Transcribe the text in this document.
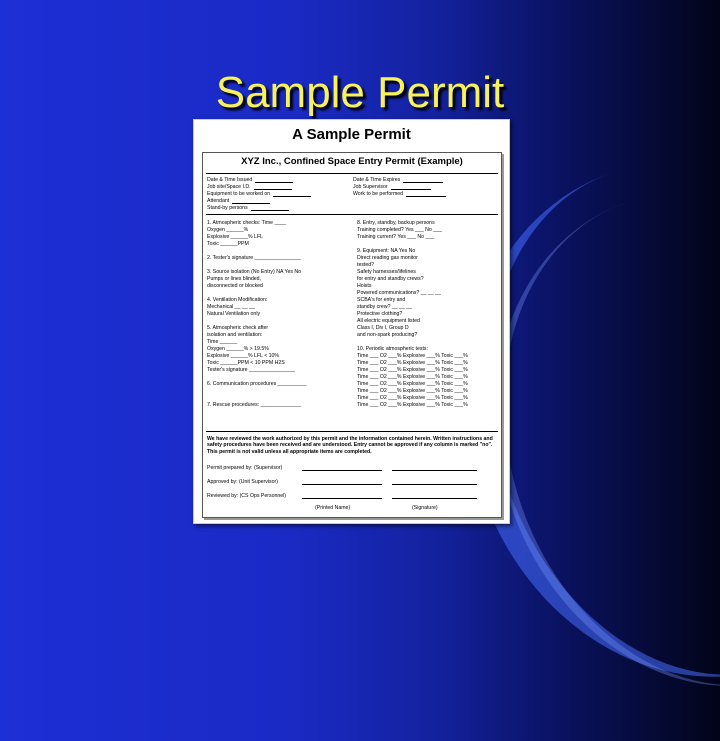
Sample Permit
A Sample Permit
XYZ Inc., Confined Space Entry Permit (Example)
Date & Time Issued
Job site/Space I.D.
Equipment to be worked on
Attendant
Stand-by persons
Date & Time Expires
Job Supervisor
Work to be performed
1. Atmospheric checks: Time ____
Oxygen ______%
Explosive ______% LFL
Toxic ______PPM
2. Tester's signature ________________
3. Source isolation (No Entry) NA Yes No
Pumps or lines blinded,
disconnected or blocked
4. Ventilation Modification:
Mechanical __ __ __
Natural Ventilation only
5. Atmospheric check after
isolation and ventilation:
Time ______
Oxygen ______% > 19.5%
Explosive ______% LFL < 10%
Toxic ______PPM < 10 PPM H2S
Tester's signature ________________
6. Communication procedures __________
7. Rescue procedures: ______________
8. Entry, standby, backup persons
Training completed? Yes ___ No ___
Training current? Yes ___ No ___
9. Equipment: NA Yes No
Direct reading gas monitor
tested?
Safety harnesses/lifelines
for entry and standby crews?
Hoists
Powered communications? __ __ __
SCBA's for entry and
standby crew? __ __ __
Protective clothing?
All electric equipment listed
Class I, Div I, Group D
and non-spark producing?
10. Periodic atmospheric tests:
Time ___ O2 ___% Explosive ___% Toxic ___%
Time ___ O2 ___% Explosive ___% Toxic ___%
Time ___ O2 ___% Explosive ___% Toxic ___%
Time ___ O2 ___% Explosive ___% Toxic ___%
Time ___ O2 ___% Explosive ___% Toxic ___%
Time ___ O2 ___% Explosive ___% Toxic ___%
Time ___ O2 ___% Explosive ___% Toxic ___%
Time ___ O2 ___% Explosive ___% Toxic ___%
We have reviewed the work authorized by this permit and the information contained herein. Written instructions and safety procedures have been received and are understood. Entry cannot be approved if any column is marked "no". This permit is not valid unless all appropriate items are completed.
Permit prepared by: (Supervisor)
Approved by: (Unit Supervisor)
Reviewed by: (CS Ops Personnel)
(Printed Name)	(Signature)
